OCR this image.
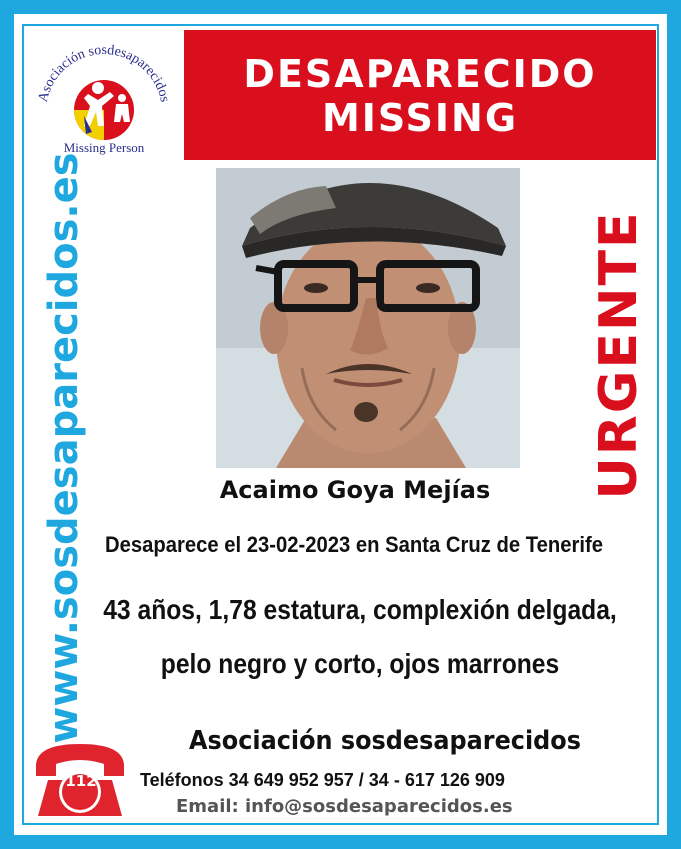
Asociación sosdesaparecidos
Missing Person
DESAPARECIDO
MISSING
www.sosdesaparecidos.es	URGENTE
Acaimo Goya Mejías
Desaparece el 23-02-2023 en Santa Cruz de Tenerife
43 años, 1,78 estatura, complexión delgada,
pelo negro y corto, ojos marrones
112
Asociación sosdesaparecidos
Teléfonos 34 649 952 957 / 34 - 617 126 909
Email: info@sosdesaparecidos.es
